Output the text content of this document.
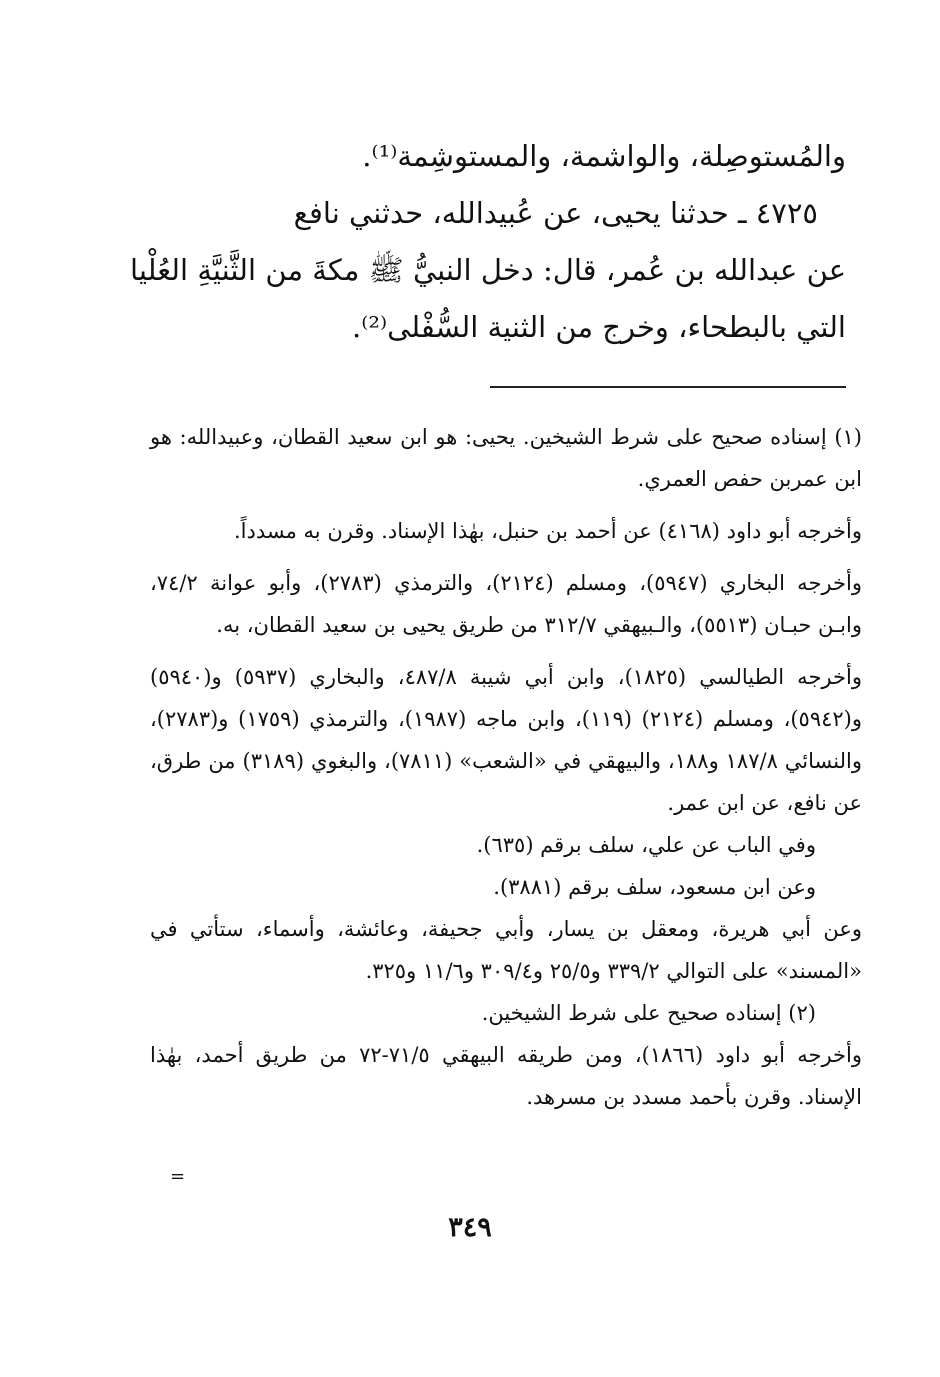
والمُستوصِلة، والواشمة، والمستوشِمة⁽¹⁾.
٤٧٢٥ ـ حدثنا يحيى، عن عُبيدالله، حدثني نافع
عن عبدالله بن عُمر، قال: دخل النبيُّ ﷺ مكةَ من الثَّنيَّةِ العُلْيا
التي بالبطحاء، وخرج من الثنية السُّفْلى⁽²⁾.
(١) إسناده صحيح على شرط الشيخين. يحيى: هو ابن سعيد القطان، وعبيدالله: هو ابن عمربن حفص العمري.
وأخرجه أبو داود (٤١٦٨) عن أحمد بن حنبل، بهٰذا الإسناد. وقرن به مسدداً.
وأخرجه البخاري (٥٩٤٧)، ومسلم (٢١٢٤)، والترمذي (٢٧٨٣)، وأبو عوانة ٧٤/٢، وابـن حبـان (٥٥١٣)، والـبيهقي ٣١٢/٧ من طريق يحيى بن سعيد القطان، به.
وأخرجه الطيالسي (١٨٢٥)، وابن أبي شيبة ٤٨٧/٨، والبخاري (٥٩٣٧) و(٥٩٤٠) و(٥٩٤٢)، ومسلم (٢١٢٤) (١١٩)، وابن ماجه (١٩٨٧)، والترمذي (١٧٥٩) و(٢٧٨٣)، والنسائي ١٨٧/٨ و١٨٨، والبيهقي في «الشعب» (٧٨١١)، والبغوي (٣١٨٩) من طرق، عن نافع، عن ابن عمر.
وفي الباب عن علي، سلف برقم (٦٣٥).
وعن ابن مسعود، سلف برقم (٣٨٨١).
وعن أبي هريرة، ومعقل بن يسار، وأبي جحيفة، وعائشة، وأسماء، ستأتي في «المسند» على التوالي ٣٣٩/٢ و٢٥/٥ و٣٠٩/٤ و١١/٦ و٣٢٥.
(٢) إسناده صحيح على شرط الشيخين.
وأخرجه أبو داود (١٨٦٦)، ومن طريقه البيهقي ٧١/٥-٧٢ من طريق أحمد، بهٰذا الإسناد. وقرن بأحمد مسدد بن مسرهد.
=
٣٤٩
